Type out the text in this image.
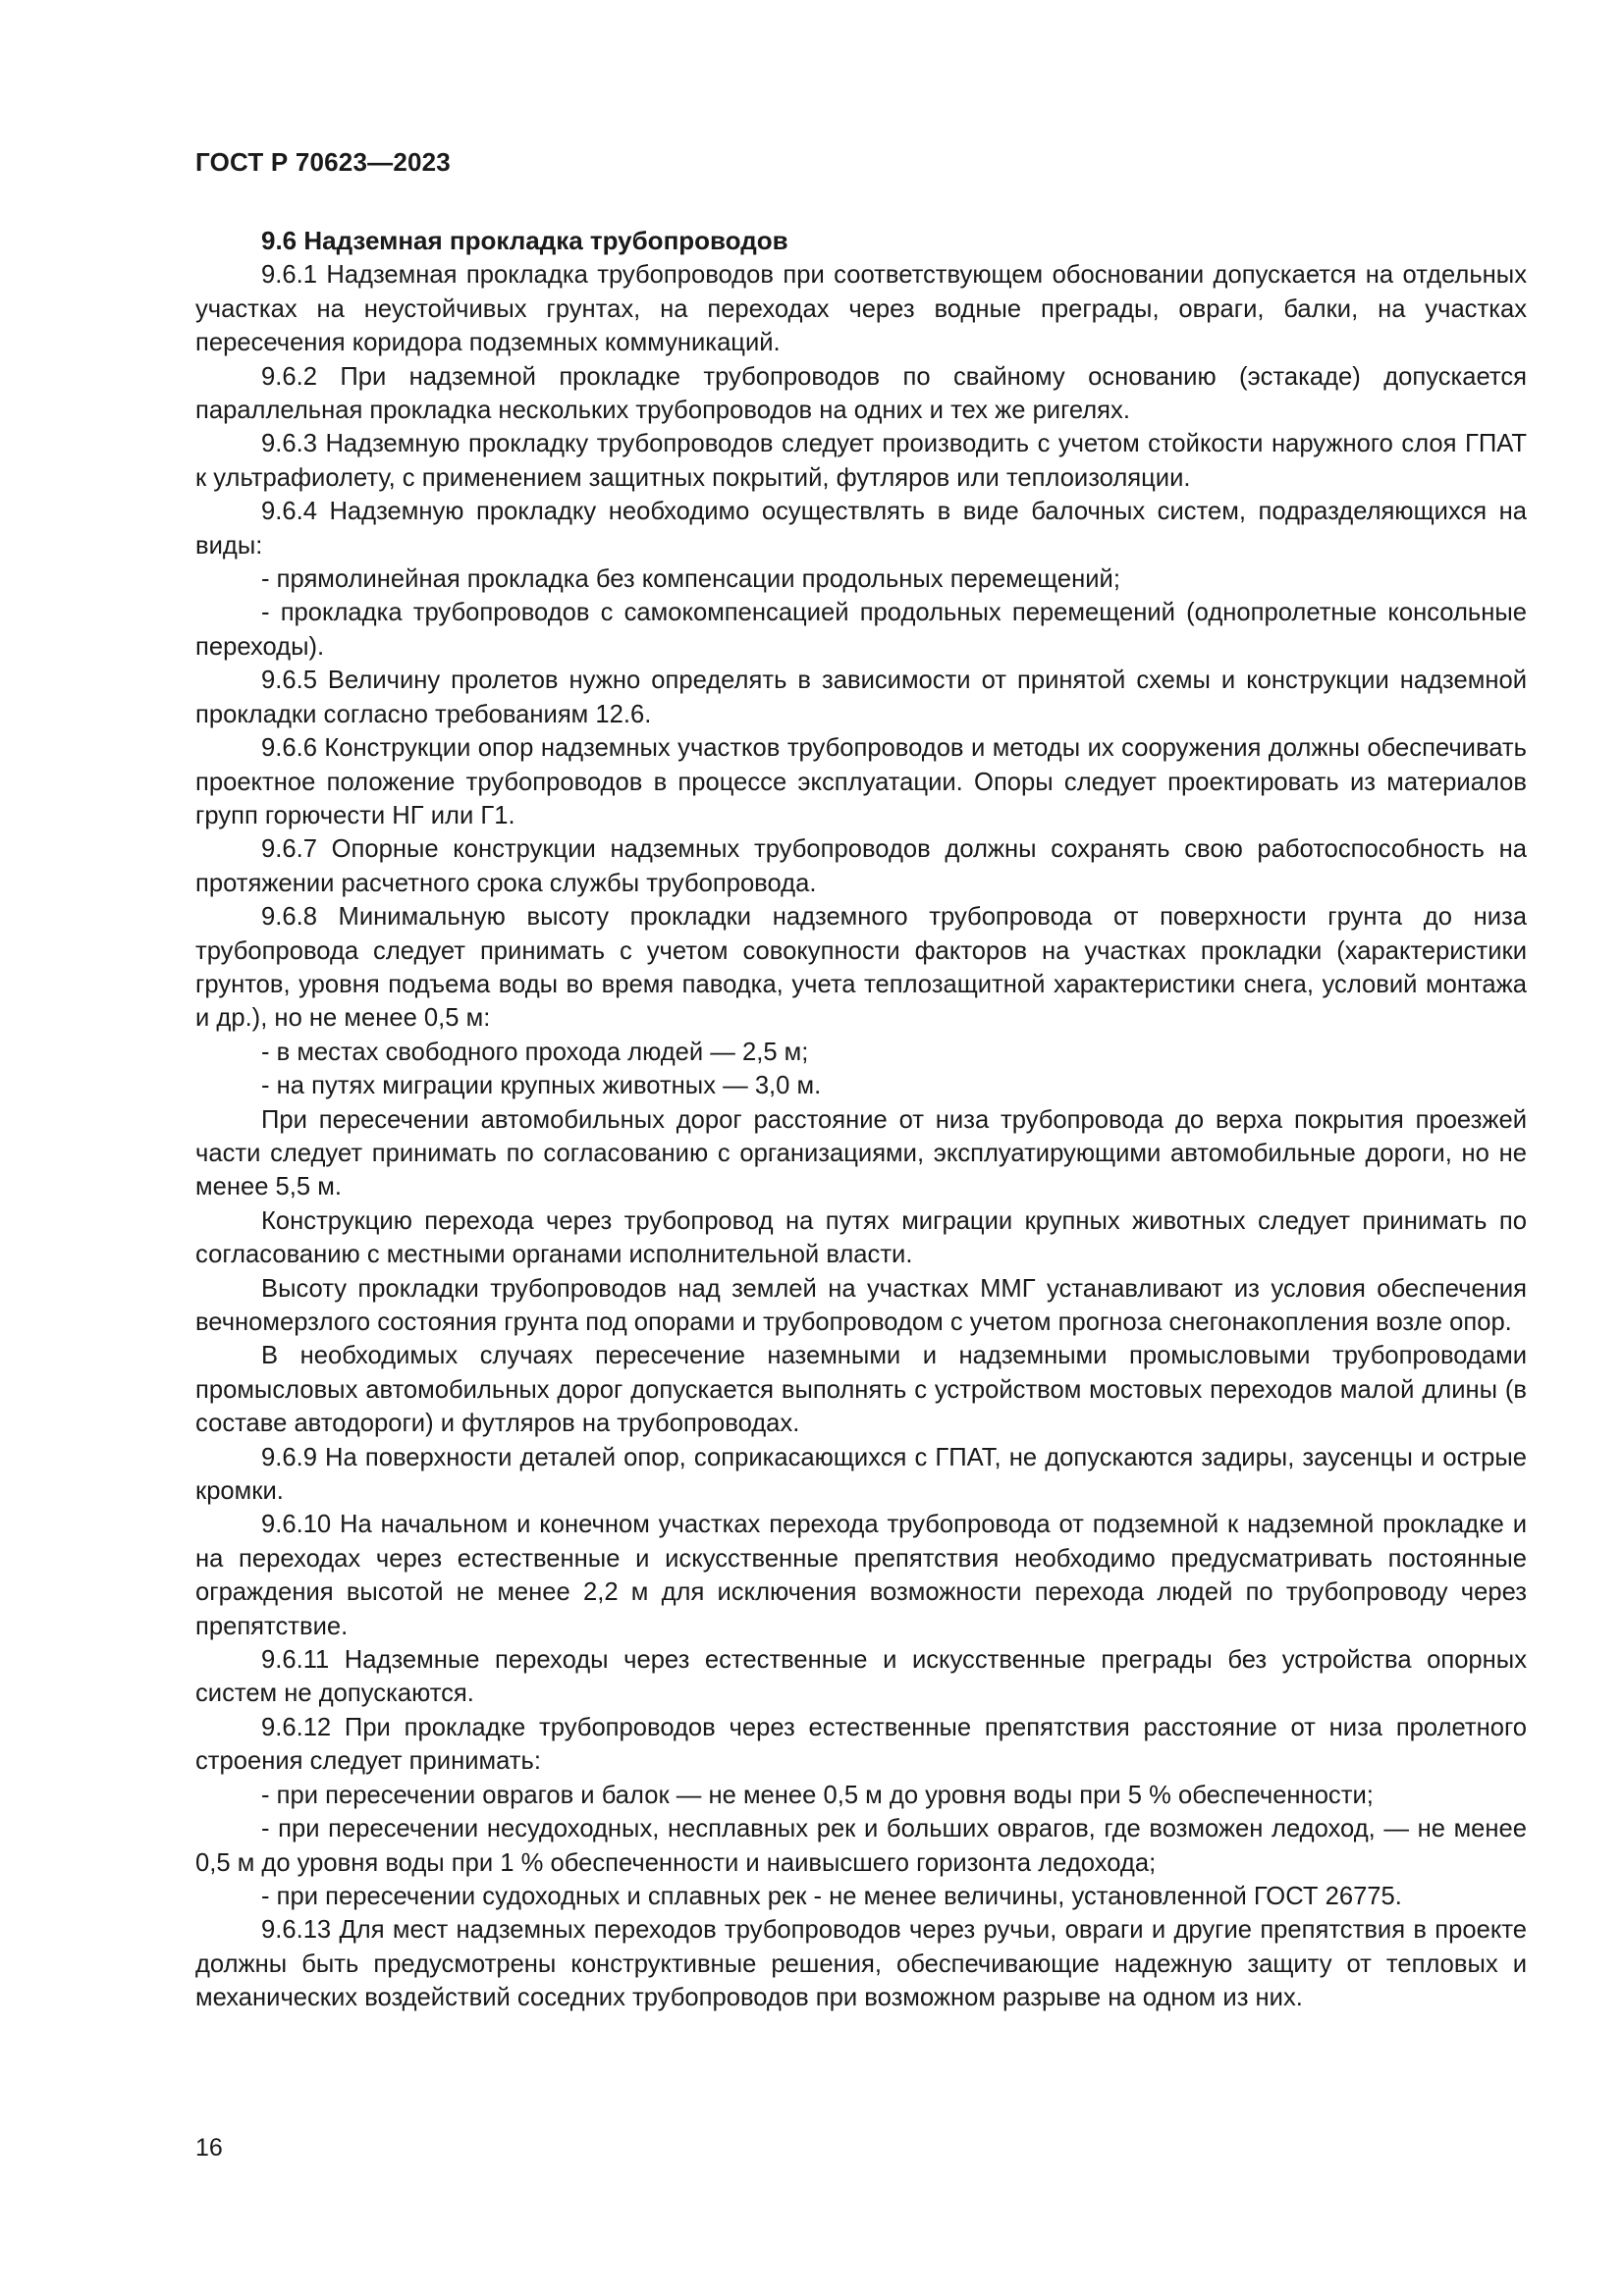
ГОСТ Р 70623—2023
9.6 Надземная прокладка трубопроводов

9.6.1 Надземная прокладка трубопроводов при соответствующем обосновании допускается на отдельных участках на неустойчивых грунтах, на переходах через водные преграды, овраги, балки, на участках пересечения коридора подземных коммуникаций.

9.6.2 При надземной прокладке трубопроводов по свайному основанию (эстакаде) допускается параллельная прокладка нескольких трубопроводов на одних и тех же ригелях.

9.6.3 Надземную прокладку трубопроводов следует производить с учетом стойкости наружного слоя ГПАТ к ультрафиолету, с применением защитных покрытий, футляров или теплоизоляции.

9.6.4 Надземную прокладку необходимо осуществлять в виде балочных систем, подразделяющихся на виды:

- прямолинейная прокладка без компенсации продольных перемещений;

- прокладка трубопроводов с самокомпенсацией продольных перемещений (однопролетные консольные переходы).

9.6.5 Величину пролетов нужно определять в зависимости от принятой схемы и конструкции надземной прокладки согласно требованиям 12.6.

9.6.6 Конструкции опор надземных участков трубопроводов и методы их сооружения должны обеспечивать проектное положение трубопроводов в процессе эксплуатации. Опоры следует проектировать из материалов групп горючести НГ или Г1.

9.6.7 Опорные конструкции надземных трубопроводов должны сохранять свою работоспособность на протяжении расчетного срока службы трубопровода.

9.6.8 Минимальную высоту прокладки надземного трубопровода от поверхности грунта до низа трубопровода следует принимать с учетом совокупности факторов на участках прокладки (характеристики грунтов, уровня подъема воды во время паводка, учета теплозащитной характеристики снега, условий монтажа и др.), но не менее 0,5 м:

- в местах свободного прохода людей — 2,5 м;

- на путях миграции крупных животных — 3,0 м.

При пересечении автомобильных дорог расстояние от низа трубопровода до верха покрытия проезжей части следует принимать по согласованию с организациями, эксплуатирующими автомобильные дороги, но не менее 5,5 м.

Конструкцию перехода через трубопровод на путях миграции крупных животных следует принимать по согласованию с местными органами исполнительной власти.

Высоту прокладки трубопроводов над землей на участках ММГ устанавливают из условия обеспечения вечномерзлого состояния грунта под опорами и трубопроводом с учетом прогноза снегонакопления возле опор.

В необходимых случаях пересечение наземными и надземными промысловыми трубопроводами промысловых автомобильных дорог допускается выполнять с устройством мостовых переходов малой длины (в составе автодороги) и футляров на трубопроводах.

9.6.9 На поверхности деталей опор, соприкасающихся с ГПАТ, не допускаются задиры, заусенцы и острые кромки.

9.6.10 На начальном и конечном участках перехода трубопровода от подземной к надземной прокладке и на переходах через естественные и искусственные препятствия необходимо предусматривать постоянные ограждения высотой не менее 2,2 м для исключения возможности перехода людей по трубопроводу через препятствие.

9.6.11 Надземные переходы через естественные и искусственные преграды без устройства опорных систем не допускаются.

9.6.12 При прокладке трубопроводов через естественные препятствия расстояние от низа пролетного строения следует принимать:

- при пересечении оврагов и балок — не менее 0,5 м до уровня воды при 5 % обеспеченности;

- при пересечении несудоходных, несплавных рек и больших оврагов, где возможен ледоход, — не менее 0,5 м до уровня воды при 1 % обеспеченности и наивысшего горизонта ледохода;

- при пересечении судоходных и сплавных рек - не менее величины, установленной ГОСТ 26775.

9.6.13 Для мест надземных переходов трубопроводов через ручьи, овраги и другие препятствия в проекте должны быть предусмотрены конструктивные решения, обеспечивающие надежную защиту от тепловых и механических воздействий соседних трубопроводов при возможном разрыве на одном из них.

16
